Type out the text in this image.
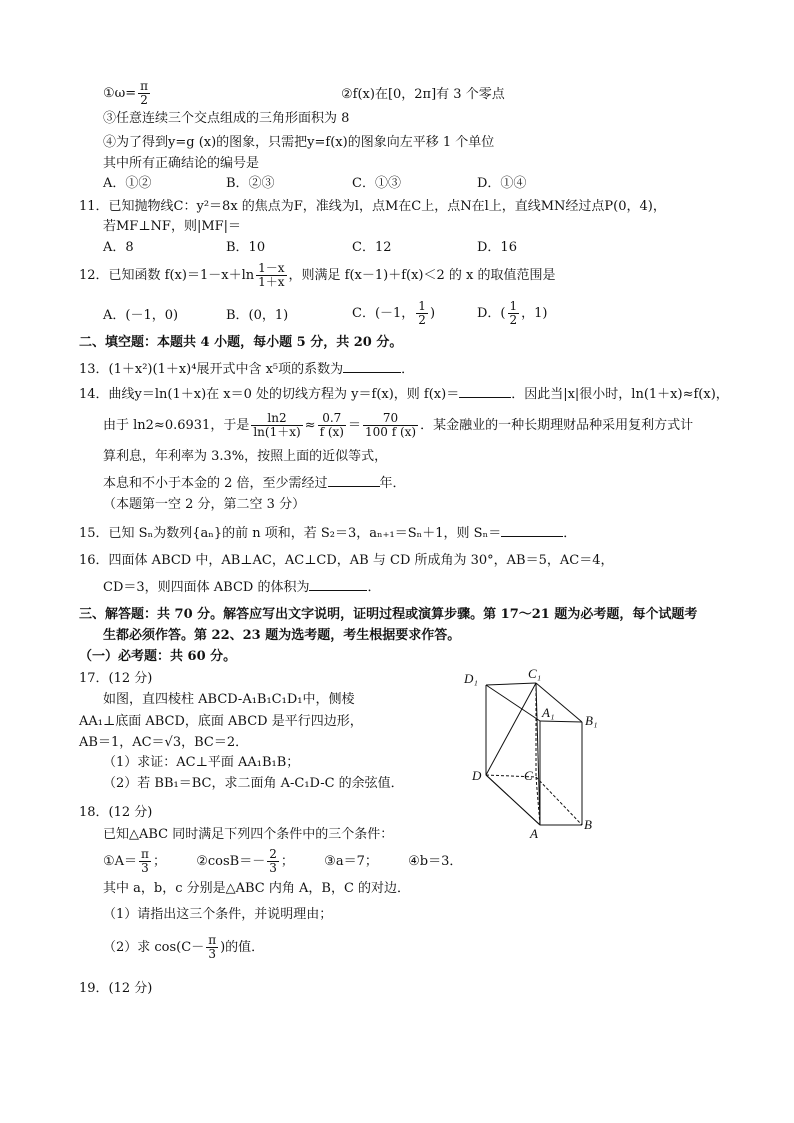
①ω= $\frac{\pi}{2}$	②f(x)在[0，2π]有 3 个零点
③任意连续三个交点组成的三角形面积为 8
④为了得到y=g (x)的图象，只需把y=f(x)的图象向左平移 1 个单位
其中所有正确结论的编号是
A．①②	B．②③	C．①③	D．①④
11．已知抛物线C：y²＝8x 的焦点为F，准线为l，点M在C上，点N在l上，直线MN经过点P(0，4)，
若MF⊥NF，则|MF|＝
A．8	B．10	C．12	D．16
12．已知函数 $f(x)=1-x+\ln \frac{1-x}{1+x}$ ，则满足 f(x－1)＋f(x)＜2 的 x 的取值范围是
A．(－1，0)	B．(0，1)	C．(－1， $\frac{1}{2}$ )	D．( $\frac{1}{2}$ ，1)
二、填空题：本题共 4 小题，每小题 5 分，共 20 分。
13．(1＋x²)(1＋x)⁴展开式中含 x⁵项的系数为	．
14．曲线y＝ln(1＋x)在 x＝0 处的切线方程为 y＝f(x)，则 f(x)＝	．因此当|x|很小时，ln(1＋x)≈f(x)，
由于 ln2≈0.6931，于是 $\frac{\ln 2}{\ln(1+x)} \approx \frac{0.7}{f (x)} = \frac{70}{100 f (x)}$ ．某金融业的一种长期理财品种采用复利方式计
算利息，年利率为 3.3%，按照上面的近似等式，
本息和不小于本金的 2 倍，至少需经过	年．
（本题第一空 2 分，第二空 3 分）
15．已知 Sₙ为数列{aₙ}的前 n 项和，若 S₂＝3，aₙ₊₁＝Sₙ＋1，则 Sₙ＝	．
16．四面体 ABCD 中，AB⊥AC，AC⊥CD，AB 与 CD 所成角为 30°，AB＝5，AC＝4，
CD＝3，则四面体 ABCD 的体积为	．
三、解答题：共 70 分。解答应写出文字说明，证明过程或演算步骤。第 17～21 题为必考题，每个试题考
生都必须作答。第 22、23 题为选考题，考生根据要求作答。
（一）必考题：共 60 分。
17．(12 分)
如图，直四棱柱 ABCD-A₁B₁C₁D₁中，侧棱
AA₁⊥底面 ABCD，底面 ABCD 是平行四边形，
AB＝1，AC＝√3，BC＝2．
（1）求证：AC⊥平面 AA₁B₁B；
（2）若 BB₁＝BC，求二面角 A-C₁D-C 的余弦值．
D₁	C₁
A₁
B₁
D	C
A
B
18．(12 分)
已知△ABC 同时满足下列四个条件中的三个条件：
①A＝ $\frac{\pi}{3}$ ； ②cosB＝－ $\frac{2}{3}$ ； ③a＝7； ④b＝3．
其中 a，b，c 分别是△ABC 内角 A，B，C 的对边．
（1）请指出这三个条件，并说明理由；
（2）求 $\cos(C- \frac{\pi}{3}$ )的值．
19．(12 分)
